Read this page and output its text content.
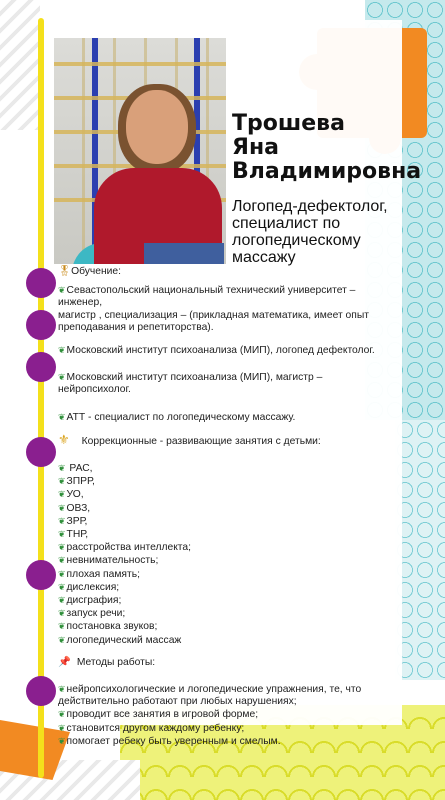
Трошева
Яна
Владимировна
Логопед-дефектолог,
специалист по
логопедическому
массажу
🎖Обучение:
❦Севастопольский национальный технический университет –
инженер,
магистр , специализация – (прикладная математика, имеет опыт
преподавания и репетиторства).
❦Московский институт психоанализа (МИП), логопед дефектолог.
❦Московский институт психоанализа (МИП), магистр –
нейропсихолог.
❦АТТ - специалист по логопедическому массажу.
⚜ Коррекционные - развивающие занятия с детьми:
❦ РАС,
❦ЗПРР,
❦УО,
❦ОВЗ,
❦ЗРР,
❦ТНР,
❦расстройства интеллекта;
❦невнимательность;
❦плохая память;
❦дислексия;
❦дисграфия;
❦запуск речи;
❦постановка звуков;
❦логопедический массаж
📌 Методы работы:
❦нейропсихологические и логопедические упражнения, те, что
действительно работают при любых нарушениях;
❦проводит все занятия в игровой форме;
❦становится другом каждому ребенку;
❦помогает ребеку быть уверенным и смелым.
